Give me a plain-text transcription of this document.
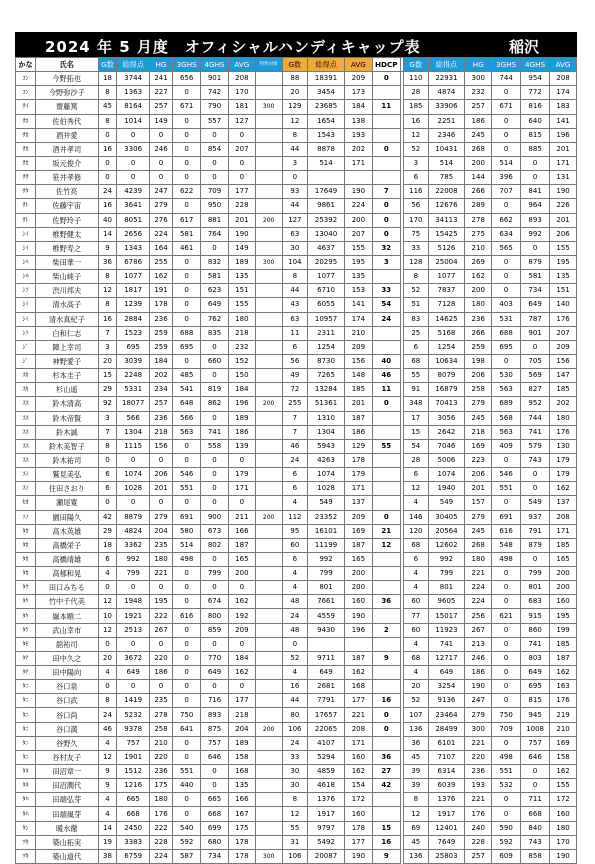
2024 年 5 月度　オフィシャルハンディキャップ表	稲沢
かな	氏名	G数	総得点	HG	3GHS	4GHS	AVG	特典対象	G数	総得点	AVG	HDCP		G数	総得点	HG	3GHS	4GHS	AVG
ｺﾝ	今野拓也	18	3744	241	656	901	208		88	18391	209	0		110	22931	300	744	954	208
ｺﾝ	今野弥沙子	8	1363	227	0	742	170		20	3454	173			28	4874	232	0	772	174
ｻｲ	齋藤篤	45	8164	257	671	790	181	300	129	23685	184	11		185	33906	257	671	816	183
ｻｴ	佐伯秀代	8	1014	149	0	557	127		12	1654	138			16	2251	186	0	640	141
ｻｶ	酒井愛	0	0	0	0	0	0		8	1543	193			12	2346	245	0	815	196
ｻｶ	酒井孝司	16	3306	246	0	854	207		44	8878	202	0		52	10431	268	0	885	201
ｻｶ	坂元俊介	0	0	0	0	0	0		3	514	171			3	514	200	514	0	171
ｻｻ	笹井孝修	0	0	0	0	0	0		0					6	785	144	396	0	131
ｻﾀ	佐竹亮	24	4239	247	622	709	177		93	17649	190	7		116	22008	266	707	841	190
ｻﾄ	佐藤宇宙	16	3641	279	0	950	228		44	9861	224	0		56	12676	289	0	964	226
ｻﾄ	佐野玲子	40	8051	276	617	881	201	200	127	25392	200	0		170	34113	278	662	893	201
ｼｲ	椎野健太	14	2656	224	581	764	190		63	13040	207	0		75	15425	275	634	992	206
ｼｲ	椎野寿之	9	1343	164	461	0	149		30	4637	155	32		33	5126	210	565	0	155
ｼﾊ	柴田華一	36	6786	255	0	832	189	300	104	20295	195	3		128	25004	269	0	879	195
ｼﾊ	柴山純子	8	1077	162	0	581	135		8	1077	135			8	1077	162	0	581	135
ｼﾌ	渋川邦夫	12	1817	191	0	623	151		44	6710	153	33		52	7837	200	0	734	151
ｼﾐ	清水高子	8	1239	178	0	649	155		43	6055	141	54		51	7128	180	403	649	140
ｼﾐ	清水真紀子	16	2884	236	0	762	180		63	10957	174	24		83	14625	236	531	787	176
ｼﾗ	白和仁志	7	1523	259	688	835	218		11	2311	210			25	5168	266	688	901	207
ｼﾞ	陣上幸司	3	695	259	695	0	232		6	1254	209			6	1254	259	695	0	209
ｼﾞ	神野愛子	20	3039	184	0	660	152		56	8730	156	40		68	10634	198	0	705	156
ｽｷ	杉本圭子	15	2248	202	485	0	150		49	7265	148	46		55	8079	206	530	569	147
ｽｷ	杉山遥	29	5331	234	541	819	184		72	13284	185	11		91	16879	258	563	827	185
ｽｽ	鈴木清高	92	18077	257	648	862	196	200	255	51361	201	0		348	70413	279	689	952	202
ｽｽ	鈴木帝賢	3	566	236	566	0	189		7	1310	187			17	3056	245	568	744	180
ｽｽ	鈴木誠	7	1304	218	563	741	186		7	1304	186			15	2642	218	563	741	176
ｽｽ	鈴木美智子	8	1115	156	0	558	139		46	5943	129	55		54	7046	169	409	579	130
ｽｽ	鈴木祐司	0	0	0	0	0	0		24	4263	178			28	5006	223	0	743	179
ｽﾐ	鷲見美弘	6	1074	206	546	0	179		6	1074	179			6	1074	206	546	0	179
ｽﾐ	住田さおり	6	1028	201	551	0	171		6	1028	171			12	1940	201	551	0	162
ｾｵ	瀬尾寛	0	0	0	0	0	0		4	549	137			4	549	157	0	549	137
ｿﾉ	園田陽久	42	8879	279	691	900	211	200	112	23352	209	0		146	30405	279	691	937	208
ﾀｶ	高木英雄	29	4824	204	580	673	166		95	16101	169	21		120	20564	245	616	791	171
ﾀｶ	高橋栄子	18	3362	235	514	802	187		60	11199	187	12		68	12602	268	548	879	185
ﾀｶ	高橋靖雄	6	992	180	498	0	165		6	992	165			6	992	180	498	0	165
ﾀｶ	高郁和晃	4	799	221	0	799	200		4	799	200			4	799	221	0	799	200
ﾀｸ	田口みちる	0	0	0	0	0	0		4	801	200			4	801	224	0	801	200
ﾀｹ	竹中千代美	12	1948	195	0	674	162		48	7661	160	36		60	9605	224	0	683	160
ﾀｹ	嶽本順二	10	1921	222	616	800	192		24	4559	190			77	15017	256	621	915	195
ﾀｹ	武山幸市	12	2513	267	0	859	209		48	9430	196	2		60	11923	267	0	860	199
ﾀｾ	舘祐司	0	0	0	0	0	0		0					4	741	213	0	741	185
ﾀﾅ	田中久之	20	3672	220	0	770	184		52	9711	187	9		68	12717	246	0	803	187
ﾀﾅ	田中陽向	4	649	186	0	649	162		4	649	162			4	649	186	0	649	162
ﾀﾆ	谷口泉	0	0	0	0	0	0		16	2681	168			20	3254	190	0	695	163
ﾀﾆ	谷口武	8	1419	235	0	716	177		44	7791	177	16		52	9136	247	0	815	176
ﾀﾆ	谷口尚	24	5232	278	750	893	218		80	17657	221	0		107	23464	279	750	945	219
ﾀﾆ	谷口満	46	9378	258	641	875	204	200	106	22065	208	0		136	28499	300	709	1008	210
ﾀﾆ	谷野久	4	757	210	0	757	189		24	4107	171			36	6101	221	0	757	169
ﾀﾆ	谷村友子	12	1901	220	0	646	158		33	5294	160	36		45	7107	220	498	646	158
ﾀﾇ	田沼章一	9	1512	236	551	0	168		30	4859	162	27		39	6314	236	551	0	162
ﾀﾇ	田沼潤代	9	1216	175	440	0	135		30	4618	154	42		39	6039	193	532	0	155
ﾀﾊ	田端弘芽	4	665	180	0	665	166		8	1376	172			8	1376	221	0	711	172
ﾀﾊ	田端風芽	4	668	176	0	668	167		12	1917	160			12	1917	176	0	668	160
ﾀﾝ	暖水徹	14	2450	222	540	699	175		55	9797	178	15		69	12401	240	590	840	180
ﾂｷ	築山拓実	19	3383	228	592	680	178		31	5492	177	16		45	7649	228	592	743	170
ﾂｷ	築山道代	38	6759	224	587	734	178	300	106	20087	190	9		136	25803	257	609	858	190
